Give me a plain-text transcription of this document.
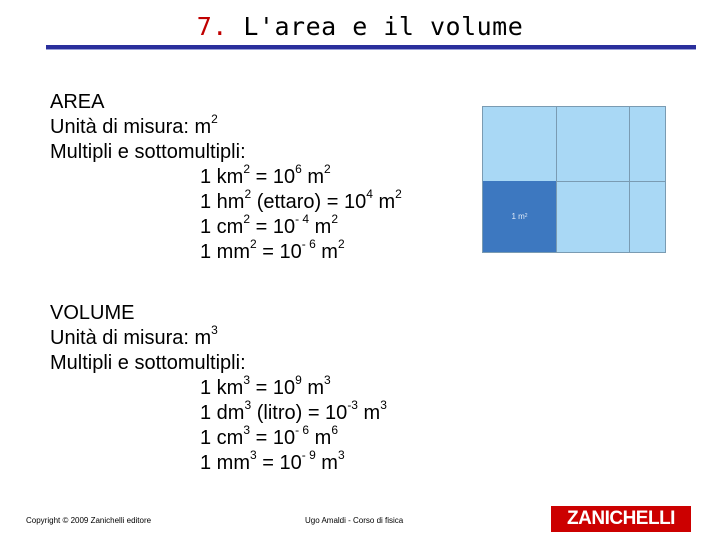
7. L'area e il volume
AREA
Unità di misura: $m^2$
Multipli e sottomultipli:
1 $km^2 = 10^6$ $m^2$
1 $hm^2$ (ettaro) = $10^4$ $m^2$
1 $cm^2 = 10^{- 4}$ $m^2$
1 $mm^2 = 10^{- 6}$ $m^2$
VOLUME
Unità di misura: $m^3$
Multipli e sottomultipli:
1 $km^3 = 10^9$ $m^3$
1 $dm^3$ (litro) = $10^{-3}$ $m^3$
1 $cm^3 = 10^{- 6}$ $m^6$
1 $mm^3 = 10^{- 9}$ $m^3$
1 m 2
Copyright © 2009 Zanichelli editore	Ugo Amaldi - Corso di fisica	ZANICHELLI
